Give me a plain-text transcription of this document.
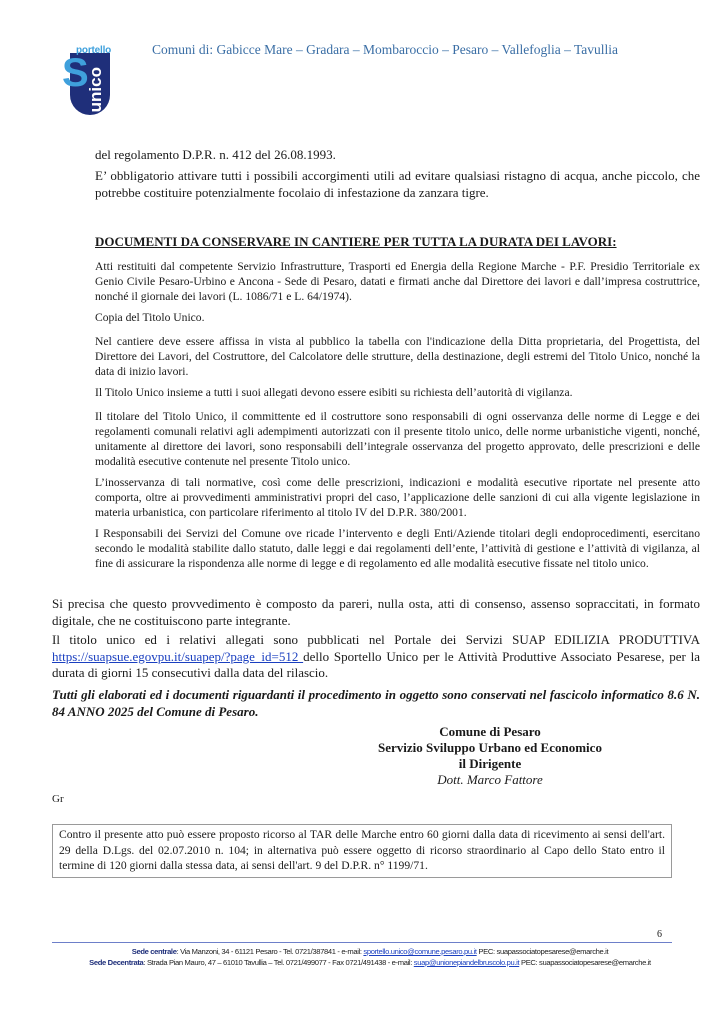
S
portello
unico
Comuni di: Gabicce Mare – Gradara – Mombaroccio – Pesaro – Vallefoglia – Tavullia
del regolamento D.P.R. n. 412 del 26.08.1993.
E’ obbligatorio attivare tutti i possibili accorgimenti utili ad evitare qualsiasi ristagno di acqua, anche piccolo, che potrebbe costituire potenzialmente focolaio di infestazione da zanzara tigre.
DOCUMENTI DA CONSERVARE IN CANTIERE PER TUTTA LA DURATA DEI LAVORI:
Atti restituiti dal competente Servizio Infrastrutture, Trasporti ed Energia della Regione Marche - P.F. Presidio Territoriale ex Genio Civile Pesaro-Urbino e Ancona - Sede di Pesaro, datati e firmati anche dal Direttore dei lavori e dall’impresa costruttrice, nonché il giornale dei lavori (L. 1086/71 e L. 64/1974).
Copia del Titolo Unico.
Nel cantiere deve essere affissa in vista al pubblico la tabella con l'indicazione della Ditta proprietaria, del Progettista, del Direttore dei Lavori, del Costruttore, del Calcolatore delle strutture, della destinazione, degli estremi del Titolo Unico, nonché la data di inizio lavori.
Il Titolo Unico insieme a tutti i suoi allegati devono essere esibiti su richiesta dell’autorità di vigilanza.
Il titolare del Titolo Unico, il committente ed il costruttore sono responsabili di ogni osservanza delle norme di Legge e dei regolamenti comunali relativi agli adempimenti autorizzati con il presente titolo unico, delle norme urbanistiche vigenti, nonché, unitamente al direttore dei lavori, sono responsabili dell’integrale osservanza del progetto approvato, delle prescrizioni e delle modalità esecutive contenute nel presente Titolo unico.
L’inosservanza di tali normative, così come delle prescrizioni, indicazioni e modalità esecutive riportate nel presente atto comporta, oltre ai provvedimenti amministrativi propri del caso, l’applicazione delle sanzioni di cui alla vigente legislazione in materia urbanistica, con particolare riferimento al titolo IV del D.P.R. 380/2001.
I Responsabili dei Servizi del Comune ove ricade l’intervento e degli Enti/Aziende titolari degli endoprocedimenti, esercitano secondo le modalità stabilite dallo statuto, dalle leggi e dai regolamenti dell’ente, l’attività di gestione e l’attività di vigilanza, al fine di assicurare la rispondenza alle norme di legge e di regolamento ed alle modalità esecutive fissate nel titolo unico.
Si precisa che questo provvedimento è composto da pareri, nulla osta, atti di consenso, assenso sopraccitati, in formato digitale, che ne costituiscono parte integrante.
Il titolo unico ed i relativi allegati sono pubblicati nel Portale dei Servizi SUAP EDILIZIA PRODUTTIVA https://suapsue.egovpu.it/suapep/?page_id=512 dello Sportello Unico per le Attività Produttive Associato Pesarese, per la durata di giorni 15 consecutivi dalla data del rilascio.
Tutti gli elaborati ed i documenti riguardanti il procedimento in oggetto sono conservati nel fascicolo informatico 8.6 N. 84 ANNO 2025 del Comune di Pesaro.
Comune di Pesaro
Servizio Sviluppo Urbano ed Economico
il Dirigente
Dott. Marco Fattore
Gr
Contro il presente atto può essere proposto ricorso al TAR delle Marche entro 60 giorni dalla data di ricevimento ai sensi dell'art. 29 della D.Lgs. del 02.07.2010 n. 104; in alternativa può essere oggetto di ricorso straordinario al Capo dello Stato entro il termine di 120 giorni dalla stessa data, ai sensi dell'art. 9 del D.P.R. n° 1199/71.
6
Sede centrale: Via Manzoni, 34 - 61121 Pesaro - Tel. 0721/387841 - e-mail: sportello.unico@comune.pesaro.pu.it PEC: suapassociatopesarese@emarche.it
Sede Decentrata: Strada Pian Mauro, 47 – 61010 Tavullia – Tel. 0721/499077 - Fax 0721/491438 - e-mail: suap@unionepiandelbruscolo.pu.it PEC: suapassociatopesarese@emarche.it
